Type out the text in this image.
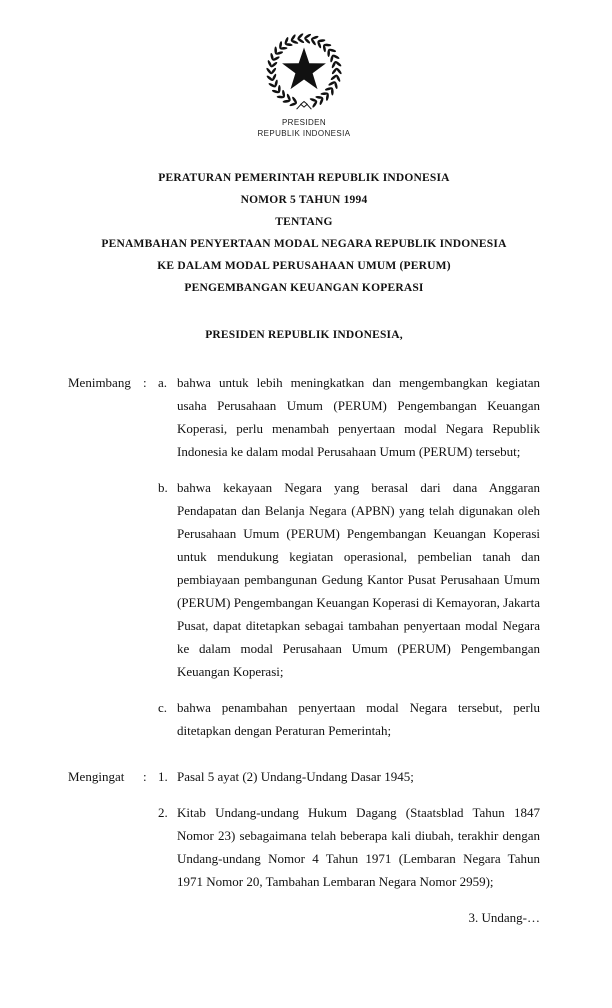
PRESIDEN
REPUBLIK INDONESIA
PERATURAN PEMERINTAH REPUBLIK INDONESIA
NOMOR 5 TAHUN 1994
TENTANG
PENAMBAHAN PENYERTAAN MODAL NEGARA REPUBLIK INDONESIA
KE DALAM MODAL PERUSAHAAN UMUM (PERUM)
PENGEMBANGAN KEUANGAN KOPERASI
PRESIDEN REPUBLIK INDONESIA,
Menimbang : a. bahwa untuk lebih meningkatkan dan mengembangkan kegiatan usaha Perusahaan Umum (PERUM) Pengembangan Keuangan Koperasi, perlu menambah penyertaan modal Negara Republik Indonesia ke dalam modal Perusahaan Umum (PERUM) tersebut;
b. bahwa kekayaan Negara yang berasal dari dana Anggaran Pendapatan dan Belanja Negara (APBN) yang telah digunakan oleh Perusahaan Umum (PERUM) Pengembangan Keuangan Koperasi untuk mendukung kegiatan operasional, pembelian tanah dan pembiayaan pembangunan Gedung Kantor Pusat Perusahaan Umum (PERUM) Pengembangan Keuangan Koperasi di Kemayoran, Jakarta Pusat, dapat ditetapkan sebagai tambahan penyertaan modal Negara ke dalam modal Perusahaan Umum (PERUM) Pengembangan Keuangan Koperasi;
c. bahwa penambahan penyertaan modal Negara tersebut, perlu ditetapkan dengan Peraturan Pemerintah;
Mengingat	: 1. Pasal 5 ayat (2) Undang-Undang Dasar 1945;
2. Kitab Undang-undang Hukum Dagang (Staatsblad Tahun 1847 Nomor 23) sebagaimana telah beberapa kali diubah, terakhir dengan Undang-undang Nomor 4 Tahun 1971 (Lembaran Negara Tahun 1971 Nomor 20, Tambahan Lembaran Negara Nomor 2959);
3. Undang-…
